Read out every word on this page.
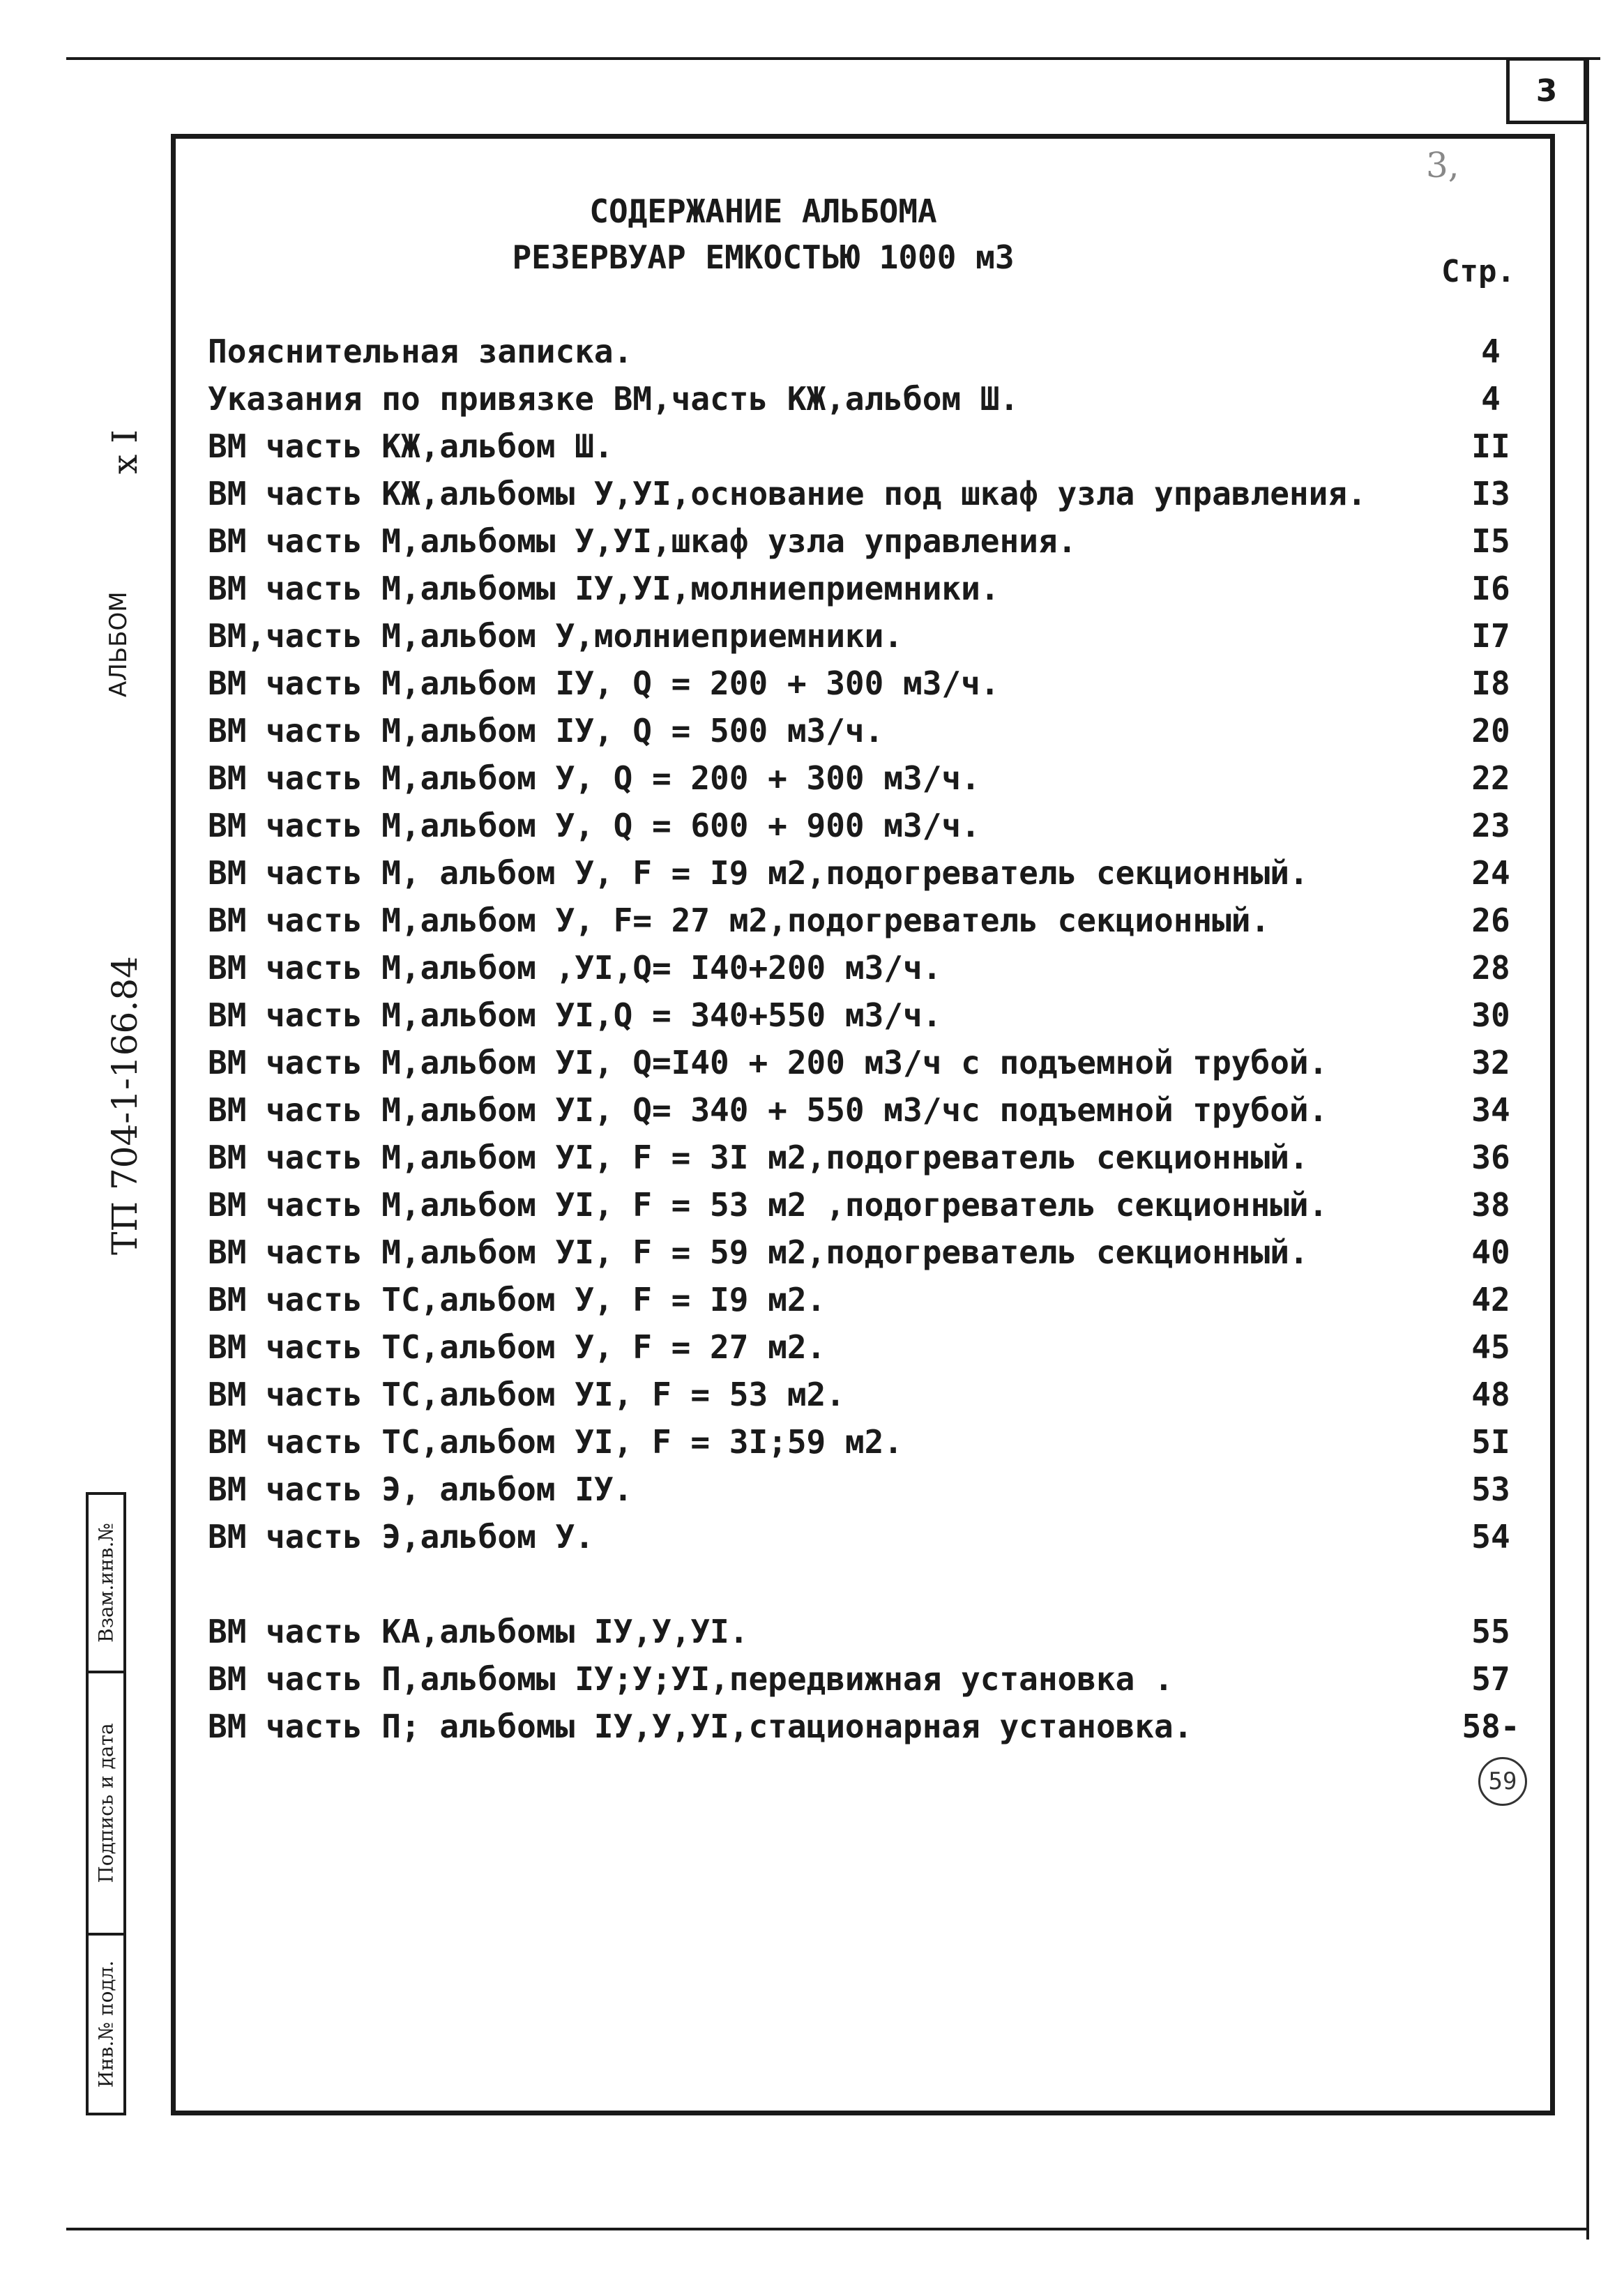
3
3,
СОДЕРЖАНИЕ АЛЬБОМА
РЕЗЕРВУАР ЕМКОСТЬЮ 1000 м3	Стр.
Пояснительная записка.	4
Указания по привязке ВМ,часть КЖ,альбом Ш.	4
ВМ часть КЖ,альбом Ш.	II
ВМ часть КЖ,альбомы У,УI,основание под шкаф узла управления.	I3
ВМ часть М,альбомы У,УI,шкаф узла управления.	I5
ВМ часть М,альбомы IУ,УI,молниеприемники.	I6
ВМ,часть М,альбом У,молниеприемники.	I7
ВМ часть М,альбом IУ, Q = 200 + 300 м3/ч.	I8
ВМ часть М,альбом IУ, Q = 500 м3/ч.	20
ВМ часть М,альбом У, Q = 200 + 300 м3/ч.	22
ВМ часть М,альбом У, Q = 600 + 900 м3/ч.	23
ВМ часть М, альбом У, F = I9 м2,подогреватель секционный.	24
ВМ часть М,альбом У, F= 27 м2,подогреватель секционный.	26
ВМ часть М,альбом ,УI,Q= I40+200 м3/ч.	28
ВМ часть М,альбом УI,Q = 340+550 м3/ч.	30
ВМ часть М,альбом УI, Q=I40 + 200 м3/ч с подъемной трубой.	32
ВМ часть М,альбом УI, Q= 340 + 550 м3/чс подъемной трубой.	34
ВМ часть М,альбом УI, F = 3I м2,подогреватель секционный.	36
ВМ часть М,альбом УI, F = 53 м2 ,подогреватель секционный.	38
ВМ часть М,альбом УI, F = 59 м2,подогреватель секционный.	40
ВМ часть ТС,альбом У, F = I9 м2.	42
ВМ часть ТС,альбом У, F = 27 м2.	45
ВМ часть ТС,альбом УI, F = 53 м2.	48
ВМ часть ТС,альбом УI, F = 3I;59 м2.	5I
ВМ часть Э, альбом IУ.	53
ВМ часть Э,альбом У.	54
ВМ часть КА,альбомы IУ,У,УI.	55
ВМ часть П,альбомы IУ;У;УI,передвижная установка .	57
ВМ часть П; альбомы IУ,У,УI,стационарная установка.	58-
59
х I
АЛЬБОМ
ТП 704-1-166.84
Взам.инв.№
Подпись и дата
Инв.№ подл.
